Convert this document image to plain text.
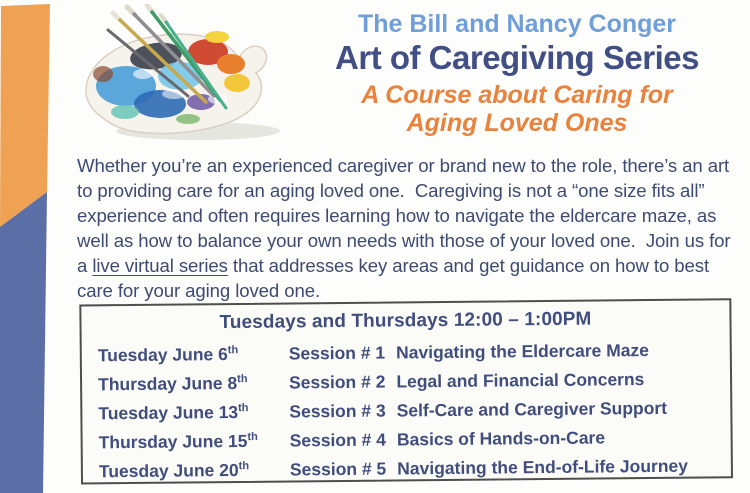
The Bill and Nancy Conger
Art of Caregiving Series
A Course about Caring for
Aging Loved Ones

Whether you’re an experienced caregiver or brand new to the role, there’s an art to providing care for an aging loved one.  Caregiving is not a “one size fits all” experience and often requires learning how to navigate the eldercare maze, as well as how to balance your own needs with those of your loved one.  Join us for a live virtual series that addresses key areas and get guidance on how to best care for your aging loved one.

Tuesdays and Thursdays 12:00 – 1:00PM
Tuesday June 6th	Session # 1 Navigating the Eldercare Maze
Thursday June 8th	Session # 2 Legal and Financial Concerns
Tuesday June 13th	Session # 3 Self-Care and Caregiver Support
Thursday June 15th	Session # 4 Basics of Hands-on-Care
Tuesday June 20th	Session # 5 Navigating the End-of-Life Journey
